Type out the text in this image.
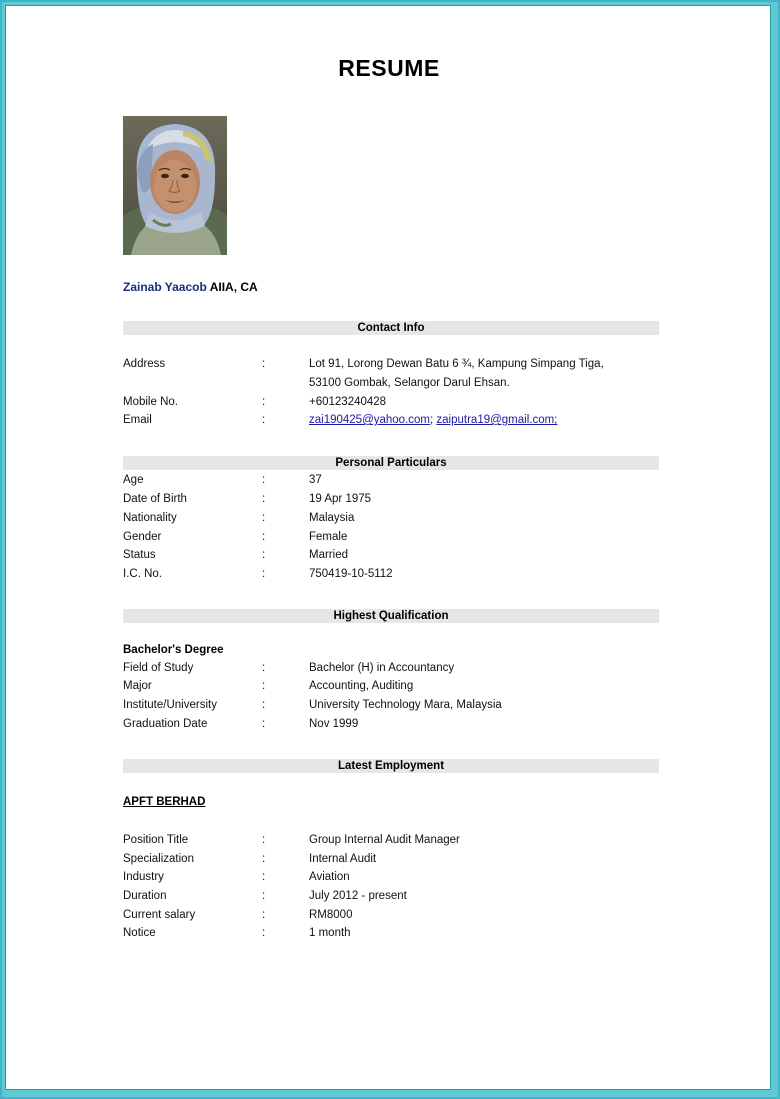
RESUME
Zainab Yaacob AIIA, CA
Contact Info
Address	:	Lot 91, Lorong Dewan Batu 6 ¾, Kampung Simpang Tiga,
53100 Gombak, Selangor Darul Ehsan.
Mobile No.	:	+60123240428
Email	:	zai190425@yahoo.com; zaiputra19@gmail.com;
Personal Particulars
Age	:	37
Date of Birth	:	19 Apr 1975
Nationality	:	Malaysia
Gender	:	Female
Status	:	Married
I.C. No.	:	750419-10-5112
Highest Qualification
Bachelor's Degree
Field of Study	:	Bachelor (H) in Accountancy
Major	:	Accounting, Auditing
Institute/University	:	University Technology Mara, Malaysia
Graduation Date	:	Nov 1999
Latest Employment
APFT BERHAD
Position Title	:	Group Internal Audit Manager
Specialization	:	Internal Audit
Industry	:	Aviation
Duration	:	July 2012 - present
Current salary	:	RM8000
Notice	:	1 month
